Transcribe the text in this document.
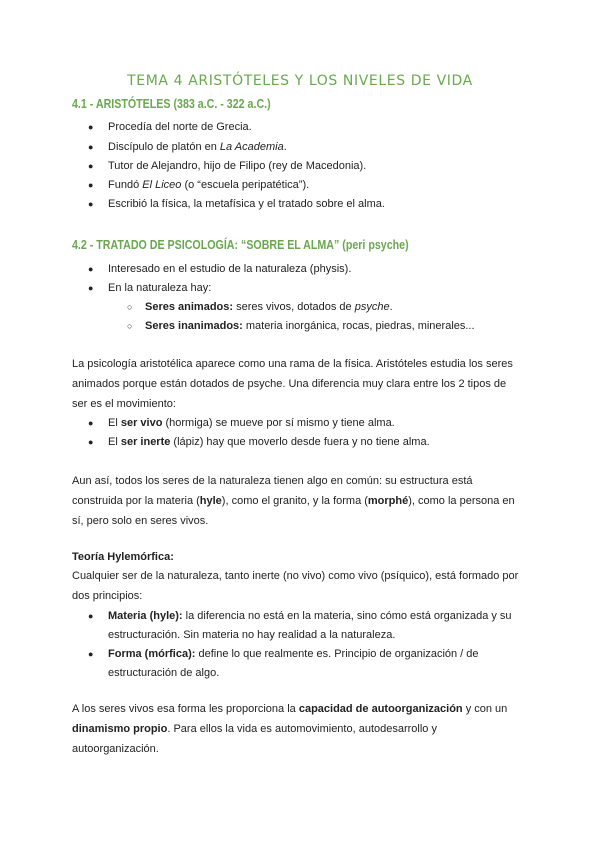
TEMA 4 ARISTÓTELES Y LOS NIVELES DE VIDA
4.1 - ARISTÓTELES (383 a.C. - 322 a.C.)
● Procedía del norte de Grecia.
● Discípulo de platón en La Academia.
● Tutor de Alejandro, hijo de Filipo (rey de Macedonia).
● Fundó El Liceo (o “escuela peripatética”).
● Escribió la física, la metafísica y el tratado sobre el alma.
4.2 - TRATADO DE PSICOLOGÍA: “SOBRE EL ALMA” (peri psyche)
● Interesado en el estudio de la naturaleza (physis).
● En la naturaleza hay:
○ Seres animados: seres vivos, dotados de psyche.
○ Seres inanimados: materia inorgánica, rocas, piedras, minerales...
La psicología aristotélica aparece como una rama de la física. Aristóteles estudia los seres
animados porque están dotados de psyche. Una diferencia muy clara entre los 2 tipos de
ser es el movimiento:
● El ser vivo (hormiga) se mueve por sí mismo y tiene alma.
● El ser inerte (lápiz) hay que moverlo desde fuera y no tiene alma.
Aun así, todos los seres de la naturaleza tienen algo en común: su estructura está
construida por la materia (hyle), como el granito, y la forma (morphé), como la persona en
sí, pero solo en seres vivos.
Teoría Hylemórfica:
Cualquier ser de la naturaleza, tanto inerte (no vivo) como vivo (psíquico), está formado por
dos principios:
● Materia (hyle): la diferencia no está en la materia, sino cómo está organizada y su
estructuración. Sin materia no hay realidad a la naturaleza.
● Forma (mórfica): define lo que realmente es. Principio de organización / de
estructuración de algo.
A los seres vivos esa forma les proporciona la capacidad de autoorganización y con un
dinamismo propio. Para ellos la vida es automovimiento, autodesarrollo y
autoorganización.
